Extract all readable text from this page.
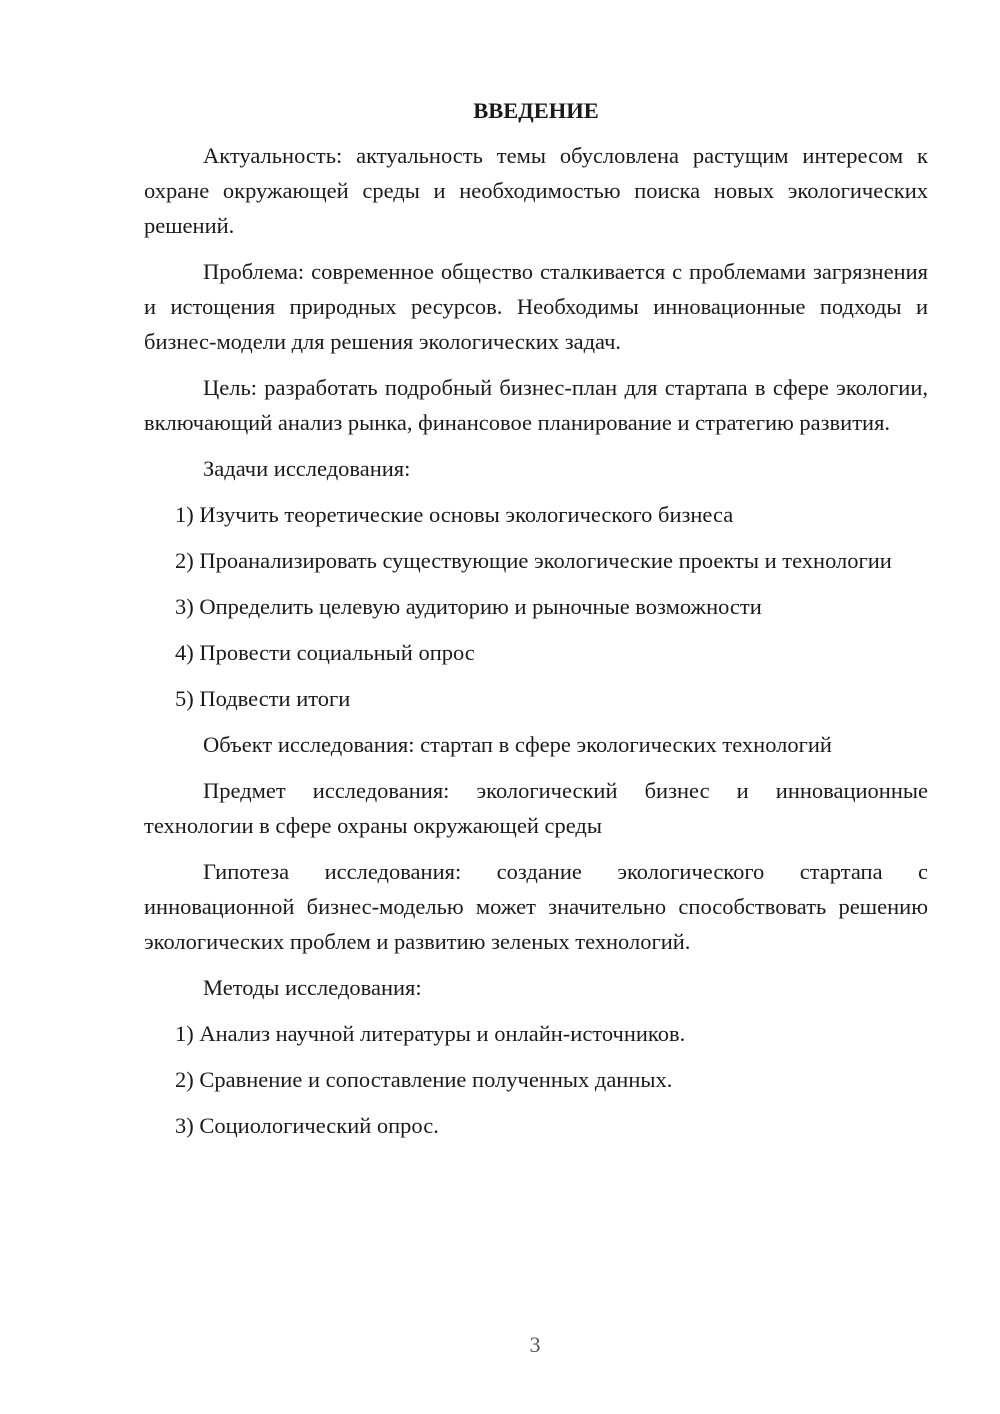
ВВЕДЕНИЕ

Актуальность: актуальность темы обусловлена растущим интересом к охране окружающей среды и необходимостью поиска новых экологических решений.

Проблема: современное общество сталкивается с проблемами загрязнения и истощения природных ресурсов. Необходимы инновационные подходы и бизнес-модели для решения экологических задач.

Цель: разработать подробный бизнес-план для стартапа в сфере экологии, включающий анализ рынка, финансовое планирование и стратегию развития.

Задачи исследования:

1) Изучить теоретические основы экологического бизнеса

2) Проанализировать существующие экологические проекты и технологии

3) Определить целевую аудиторию и рыночные возможности

4) Провести социальный опрос

5) Подвести итоги

Объект исследования: стартап в сфере экологических технологий

Предмет исследования: экологический бизнес и инновационные технологии в сфере охраны окружающей среды

Гипотеза исследования: создание экологического стартапа с инновационной бизнес-моделью может значительно способствовать решению экологических проблем и развитию зеленых технологий.

Методы исследования:

1) Анализ научной литературы и онлайн-источников.

2) Сравнение и сопоставление полученных данных.

3) Социологический опрос.

3
